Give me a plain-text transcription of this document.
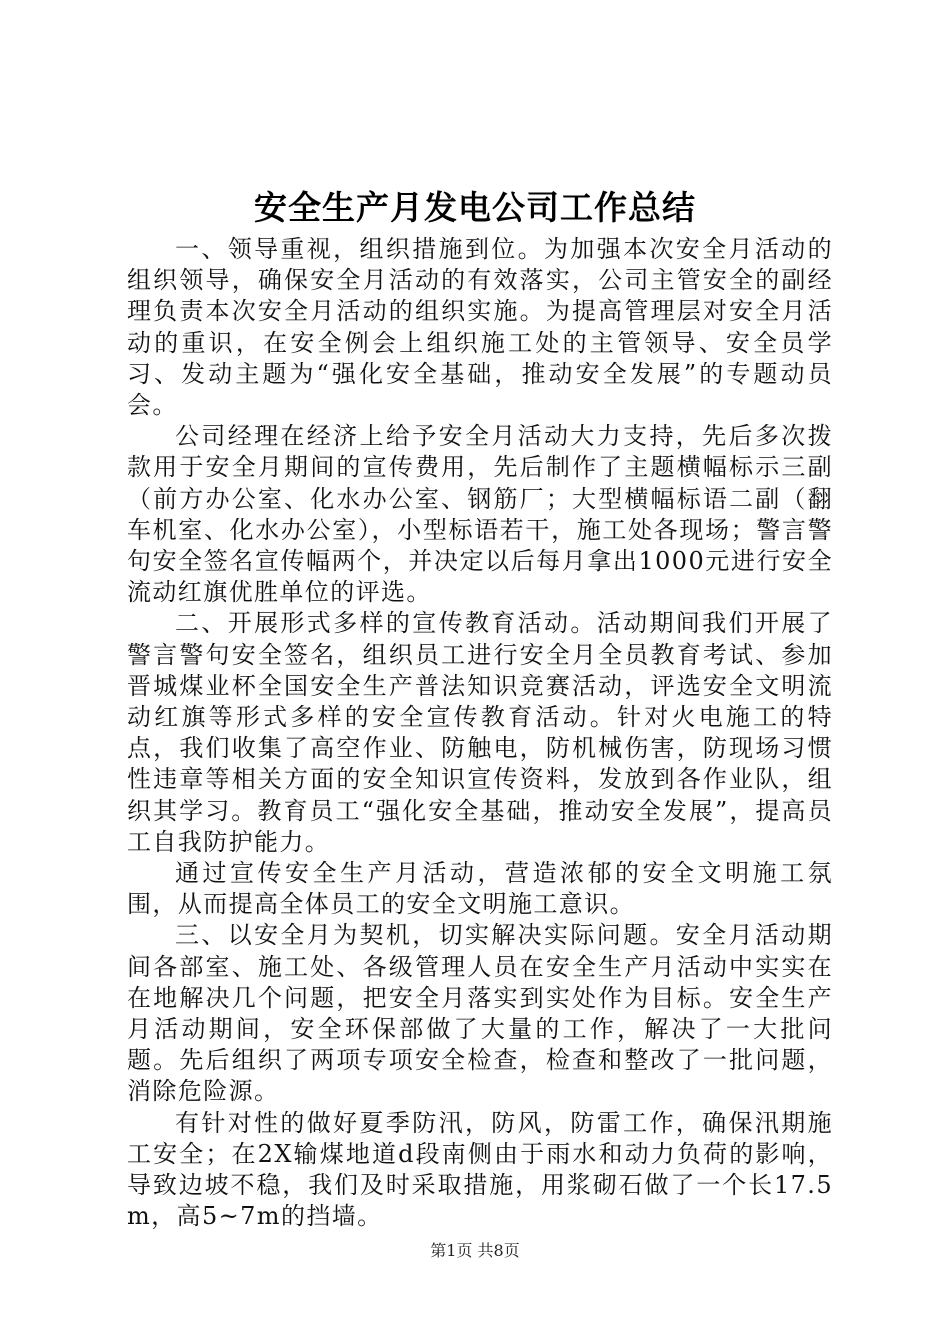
安全生产月发电公司工作总结

一、领导重视，组织措施到位。为加强本次安全月活动的组织领导，确保安全月活动的有效落实，公司主管安全的副经理负责本次安全月活动的组织实施。为提高管理层对安全月活动的重识，在安全例会上组织施工处的主管领导、安全员学习、发动主题为“强化安全基础，推动安全发展”的专题动员会。

公司经理在经济上给予安全月活动大力支持，先后多次拨款用于安全月期间的宣传费用，先后制作了主题横幅标示三副（前方办公室、化水办公室、钢筋厂；大型横幅标语二副（翻车机室、化水办公室），小型标语若干，施工处各现场；警言警句安全签名宣传幅两个，并决定以后每月拿出1000元进行安全流动红旗优胜单位的评选。

二、开展形式多样的宣传教育活动。活动期间我们开展了警言警句安全签名，组织员工进行安全月全员教育考试、参加晋城煤业杯全国安全生产普法知识竞赛活动，评选安全文明流动红旗等形式多样的安全宣传教育活动。针对火电施工的特点，我们收集了高空作业、防触电，防机械伤害，防现场习惯性违章等相关方面的安全知识宣传资料，发放到各作业队，组织其学习。教育员工“强化安全基础，推动安全发展”，提高员工自我防护能力。

通过宣传安全生产月活动，营造浓郁的安全文明施工氛围，从而提高全体员工的安全文明施工意识。

三、以安全月为契机，切实解决实际问题。安全月活动期间各部室、施工处、各级管理人员在安全生产月活动中实实在在地解决几个问题，把安全月落实到实处作为目标。安全生产月活动期间，安全环保部做了大量的工作，解决了一大批问题。先后组织了两项专项安全检查，检查和整改了一批问题，消除危险源。

有针对性的做好夏季防汛，防风，防雷工作，确保汛期施工安全；在2X输煤地道d段南侧由于雨水和动力负荷的影响，导致边坡不稳，我们及时采取措施，用浆砌石做了一个长17.5m，高5~7m的挡墙。

第1页 共8页
